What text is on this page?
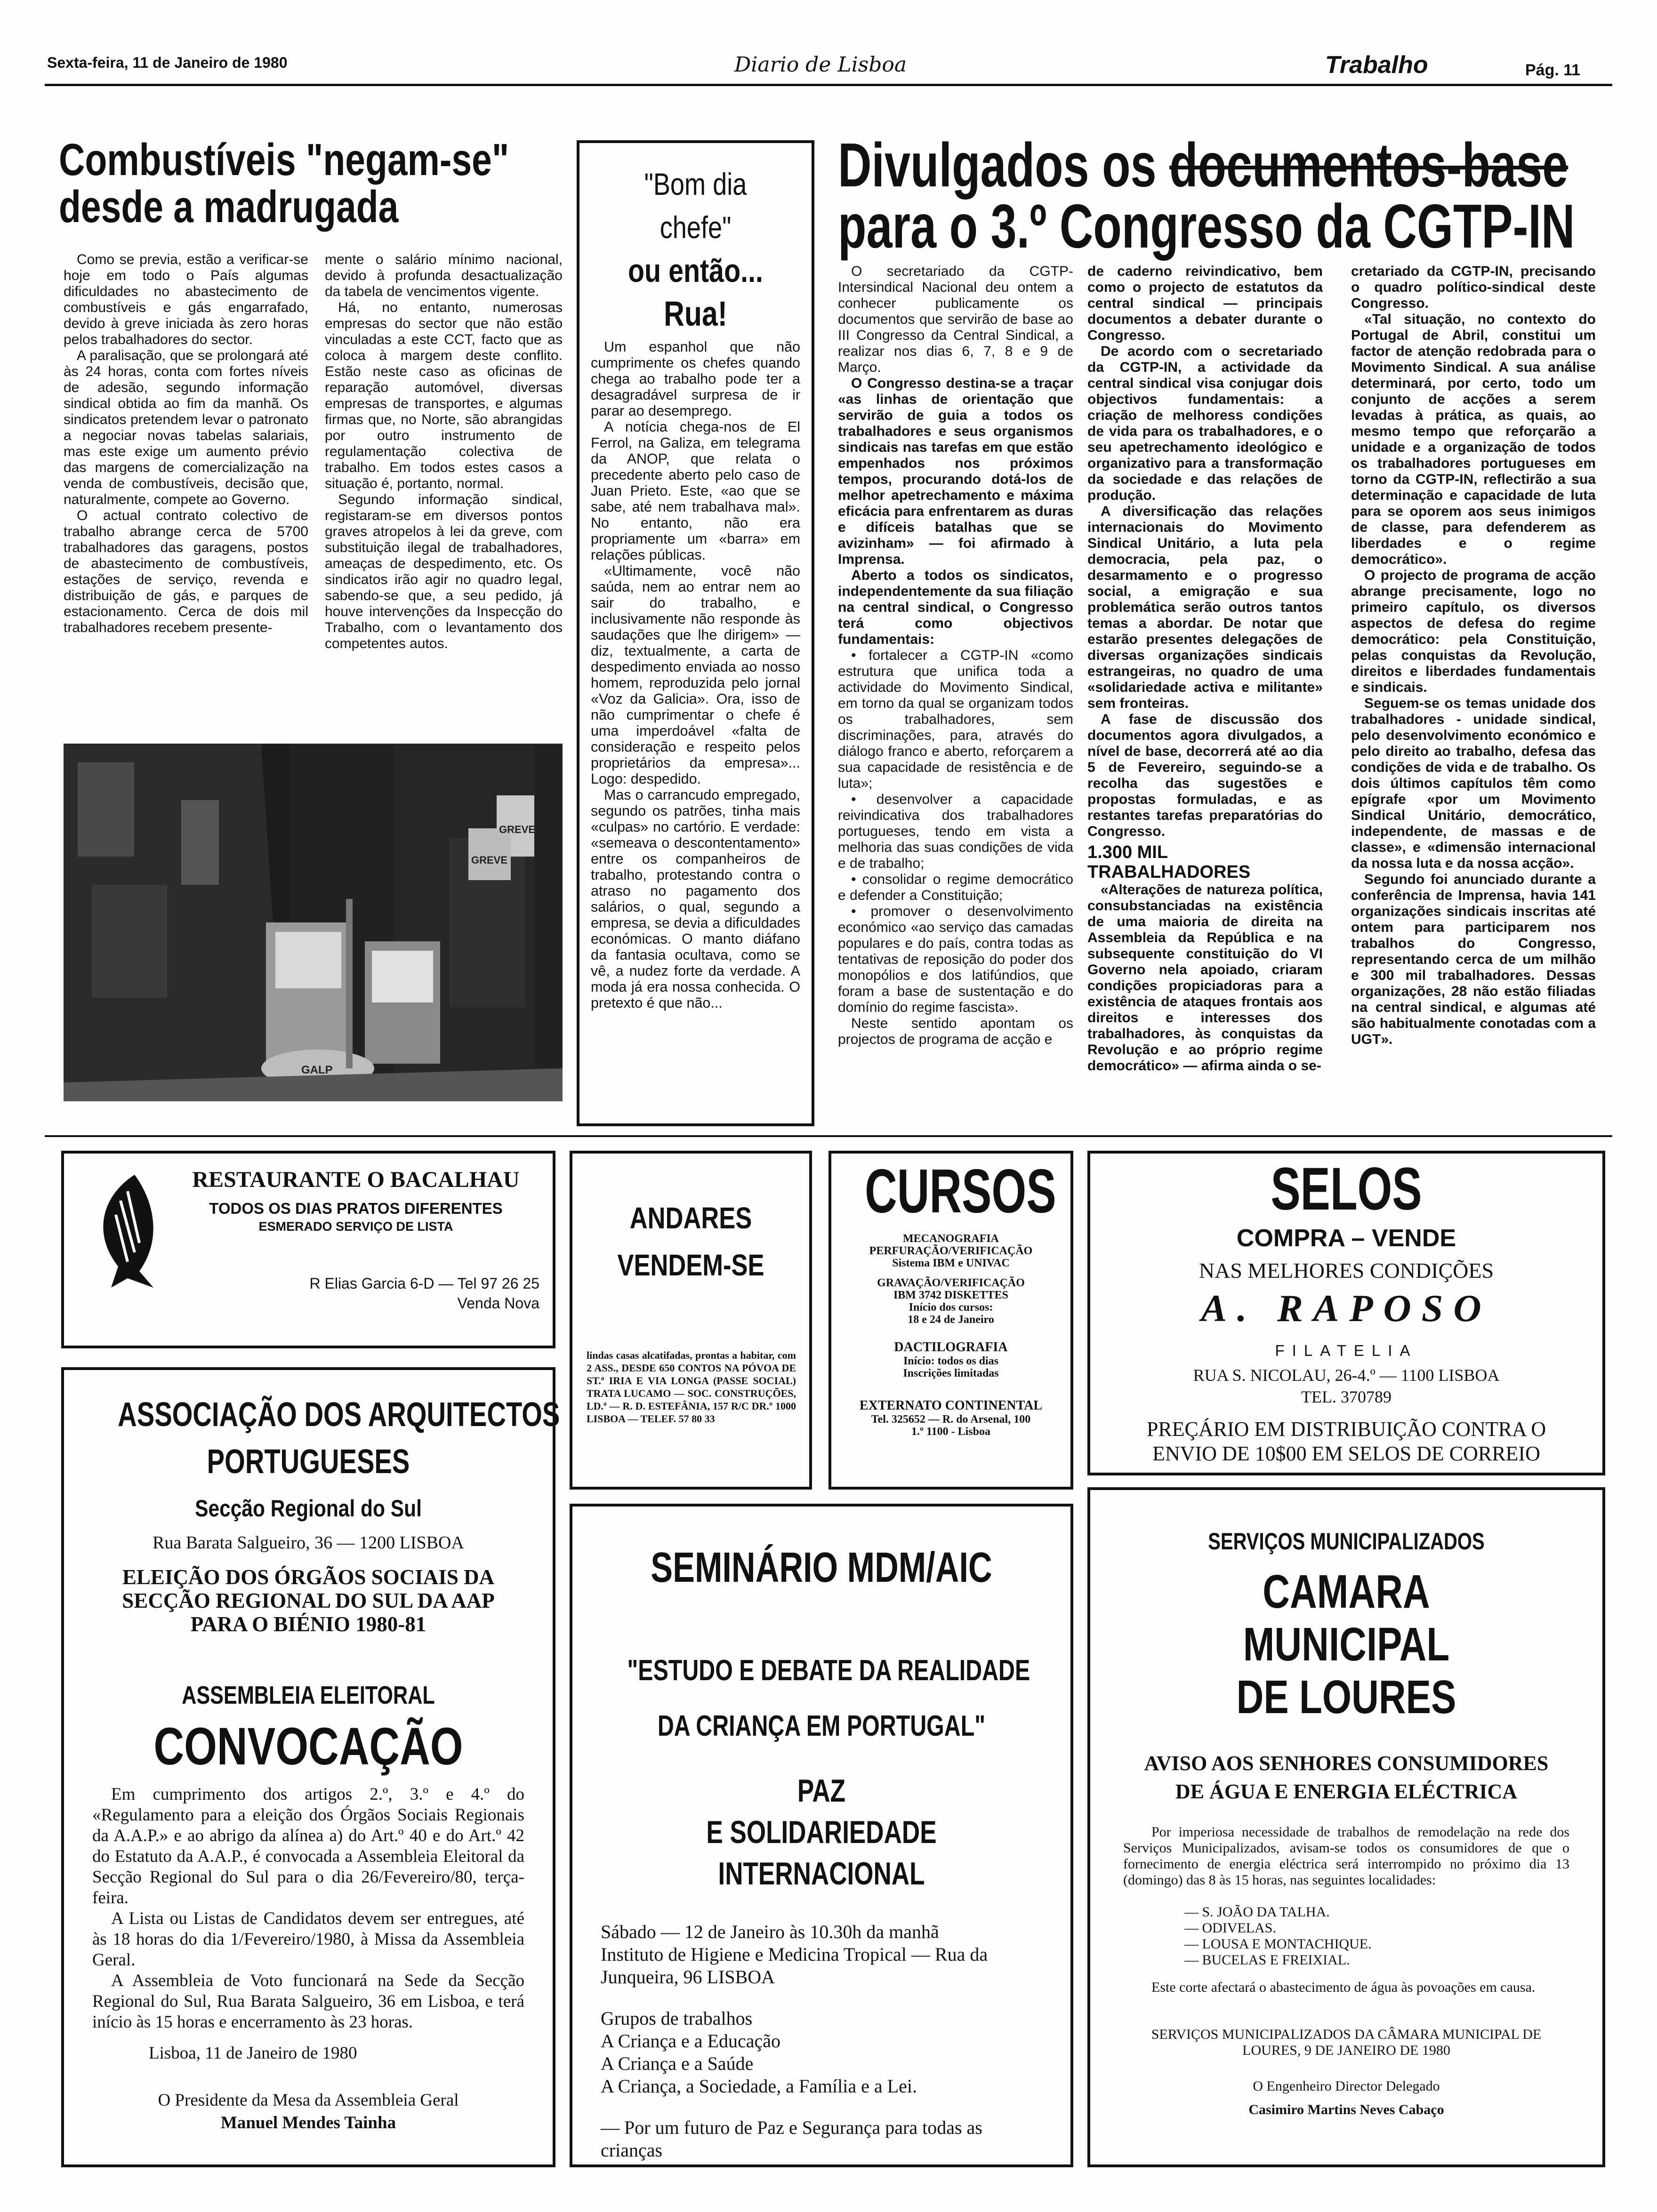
Sexta-feira, 11 de Janeiro de 1980	Diario de Lisboa	Trabalho	Pág. 11
Combustíveis "negam-se" desde a madrugada

Como se previa, estão a verificar-se hoje em todo o País algumas dificuldades no abastecimento de combustíveis e gás engarrafado, devido à greve iniciada às zero horas pelos trabalhadores do sector.

A paralisação, que se prolongará até às 24 horas, conta com fortes níveis de adesão, segundo informação sindical obtida ao fim da manhã. Os sindicatos pretendem levar o patronato a negociar novas tabelas salariais, mas este exige um aumento prévio das margens de comercialização na venda de combustíveis, decisão que, naturalmente, compete ao Governo.

O actual contrato colectivo de trabalho abrange cerca de 5700 trabalhadores das garagens, postos de abastecimento de combustíveis, estações de serviço, revenda e distribuição de gás, e parques de estacionamento. Cerca de dois mil trabalhadores recebem presente-

mente o salário mínimo nacional, devido à profunda desactualização da tabela de vencimentos vigente.

Há, no entanto, numerosas empresas do sector que não estão vinculadas a este CCT, facto que as coloca à margem deste conflito. Estão neste caso as oficinas de reparação automóvel, diversas empresas de transportes, e algumas firmas que, no Norte, são abrangidas por outro instrumento de regulamentação colectiva de trabalho. Em todos estes casos a situação é, portanto, normal.

Segundo informação sindical, registaram-se em diversos pontos graves atropelos à lei da greve, com substituição ilegal de trabalhadores, ameaças de despedimento, etc. Os sindicatos irão agir no quadro legal, sabendo-se que, a seu pedido, já houve intervenções da Inspecção do Trabalho, com o levantamento dos competentes autos.

GREVE
GREVE
GALP
"Bom dia
chefe"
ou então...
Rua!

Um espanhol que não cumprimente os chefes quando chega ao trabalho pode ter a desagradável surpresa de ir parar ao desemprego.

A notícia chega-nos de El Ferrol, na Galiza, em telegrama da ANOP, que relata o precedente aberto pelo caso de Juan Prieto. Este, «ao que se sabe, até nem trabalhava mal». No entanto, não era propriamente um «barra» em relações públicas.

«Ultimamente, você não saúda, nem ao entrar nem ao sair do trabalho, e inclusivamente não responde às saudações que lhe dirigem» — diz, textualmente, a carta de despedimento enviada ao nosso homem, reproduzida pelo jornal «Voz da Galicia». Ora, isso de não cumprimentar o chefe é uma imperdoável «falta de consideração e respeito pelos proprietários da empresa»... Logo: despedido.

Mas o carrancudo empregado, segundo os patrões, tinha mais «culpas» no cartório. E verdade: «semeava o descontentamento» entre os companheiros de trabalho, protestando contra o atraso no pagamento dos salários, o qual, segundo a empresa, se devia a dificuldades económicas. O manto diáfano da fantasia ocultava, como se vê, a nudez forte da verdade. A moda já era nossa conhecida. O pretexto é que não...

Divulgados os documentos-base
para o 3.º Congresso da CGTP-IN

O secretariado da CGTP-Intersindical Nacional deu ontem a conhecer publicamente os documentos que servirão de base ao III Congresso da Central Sindical, a realizar nos dias 6, 7, 8 e 9 de Março.

O Congresso destina-se a traçar «as linhas de orientação que servirão de guia a todos os trabalhadores e seus organismos sindicais nas tarefas em que estão empenhados nos próximos tempos, procurando dotá-los de melhor apetrechamento e máxima eficácia para enfrentarem as duras e difíceis batalhas que se avizinham» — foi afirmado à Imprensa.

Aberto a todos os sindicatos, independentemente da sua filiação na central sindical, o Congresso terá como objectivos fundamentais:

• fortalecer a CGTP-IN «como estrutura que unifica toda a actividade do Movimento Sindical, em torno da qual se organizam todos os trabalhadores, sem discriminações, para, através do diálogo franco e aberto, reforçarem a sua capacidade de resistência e de luta»;

• desenvolver a capacidade reivindicativa dos trabalhadores portugueses, tendo em vista a melhoria das suas condições de vida e de trabalho;

• consolidar o regime democrático e defender a Constituição;

• promover o desenvolvimento económico «ao serviço das camadas populares e do país, contra todas as tentativas de reposição do poder dos monopólios e dos latifúndios, que foram a base de sustentação e do domínio do regime fascista».

Neste sentido apontam os projectos de programa de acção e

de caderno reivindicativo, bem como o projecto de estatutos da central sindical — principais documentos a debater durante o Congresso.

De acordo com o secretariado da CGTP-IN, a actividade da central sindical visa conjugar dois objectivos fundamentais: a criação de melhoress condições de vida para os trabalhadores, e o seu apetrechamento ideológico e organizativo para a transformação da sociedade e das relações de produção.

A diversificação das relações internacionais do Movimento Sindical Unitário, a luta pela democracia, pela paz, o desarmamento e o progresso social, a emigração e sua problemática serão outros tantos temas a abordar. De notar que estarão presentes delegações de diversas organizações sindicais estrangeiras, no quadro de uma «solidariedade activa e militante» sem fronteiras.

A fase de discussão dos documentos agora divulgados, a nível de base, decorrerá até ao dia 5 de Fevereiro, seguindo-se a recolha das sugestões e propostas formuladas, e as restantes tarefas preparatórias do Congresso.

1.300 MIL
TRABALHADORES

«Alterações de natureza política, consubstanciadas na existência de uma maioria de direita na Assembleia da República e na subsequente constituição do VI Governo nela apoiado, criaram condições propiciadoras para a existência de ataques frontais aos direitos e interesses dos trabalhadores, às conquistas da Revolução e ao próprio regime democrático» — afirma ainda o se-

cretariado da CGTP-IN, precisando o quadro político-sindical deste Congresso.

«Tal situação, no contexto do Portugal de Abril, constitui um factor de atenção redobrada para o Movimento Sindical. A sua análise determinará, por certo, todo um conjunto de acções a serem levadas à prática, as quais, ao mesmo tempo que reforçarão a unidade e a organização de todos os trabalhadores portugueses em torno da CGTP-IN, reflectirão a sua determinação e capacidade de luta para se oporem aos seus inimigos de classe, para defenderem as liberdades e o regime democrático».

O projecto de programa de acção abrange precisamente, logo no primeiro capítulo, os diversos aspectos de defesa do regime democrático: pela Constituição, pelas conquistas da Revolução, direitos e liberdades fundamentais e sindicais.

Seguem-se os temas unidade dos trabalhadores - unidade sindical, pelo desenvolvimento económico e pelo direito ao trabalho, defesa das condições de vida e de trabalho. Os dois últimos capítulos têm como epígrafe «por um Movimento Sindical Unitário, democrático, independente, de massas e de classe», e «dimensão internacional da nossa luta e da nossa acção».

Segundo foi anunciado durante a conferência de Imprensa, havia 141 organizações sindicais inscritas até ontem para participarem nos trabalhos do Congresso, representando cerca de um milhão e 300 mil trabalhadores. Dessas organizações, 28 não estão filiadas na central sindical, e algumas até são habitualmente conotadas com a UGT».

RESTAURANTE O BACALHAU
TODOS OS DIAS PRATOS DIFERENTES
ESMERADO SERVIÇO DE LISTA
R Elias Garcia 6-D — Tel 97 26 25
Venda Nova
ANDARES
VENDEM-SE
lindas casas alcatifadas, prontas a habitar, com 2 ASS., DESDE 650 CONTOS NA PÓVOA DE ST.ª IRIA E VIA LONGA (PASSE SOCIAL) TRATA LUCAMO — SOC. CONSTRUÇÕES, LD.ª — R. D. ESTEFÂNIA, 157 R/C DR.º 1000 LISBOA — TELEF. 57 80 33
CURSOS
MECANOGRAFIA
PERFURAÇÃO/VERIFICAÇÃO
Sistema IBM e UNIVAC
GRAVAÇÃO/VERIFICAÇÃO
IBM 3742 DISKETTES
Início dos cursos:
18 e 24 de Janeiro
DACTILOGRAFIA
Início: todos os dias
Inscrições limitadas
EXTERNATO CONTINENTAL
Tel. 325652 — R. do Arsenal, 100
1.º 1100 - Lisboa
SELOS
COMPRA – VENDE
NAS MELHORES CONDIÇÕES
A. RAPOSO
FILATELIA
RUA S. NICOLAU, 26-4.º — 1100 LISBOA
TEL. 370789
PREÇÁRIO EM DISTRIBUIÇÃO CONTRA O ENVIO DE 10$00 EM SELOS DE CORREIO
ASSOCIAÇÃO DOS ARQUITECTOS
PORTUGUESES
Secção Regional do Sul
Rua Barata Salgueiro, 36 — 1200 LISBOA
ELEIÇÃO DOS ÓRGÃOS SOCIAIS DA SECÇÃO REGIONAL DO SUL DA AAP PARA O BIÉNIO 1980-81
ASSEMBLEIA ELEITORAL
CONVOCAÇÃO

Em cumprimento dos artigos 2.º, 3.º e 4.º do «Regulamento para a eleição dos Órgãos Sociais Regionais da A.A.P.» e ao abrigo da alínea a) do Art.º 40 e do Art.º 42 do Estatuto da A.A.P., é convocada a Assembleia Eleitoral da Secção Regional do Sul para o dia 26/Fevereiro/80, terça-feira.

A Lista ou Listas de Candidatos devem ser entregues, até às 18 horas do dia 1/Fevereiro/1980, à Missa da Assembleia Geral.

A Assembleia de Voto funcionará na Sede da Secção Regional do Sul, Rua Barata Salgueiro, 36 em Lisboa, e terá início às 15 horas e encerramento às 23 horas.

Lisboa, 11 de Janeiro de 1980
O Presidente da Mesa da Assembleia Geral
Manuel Mendes Tainha
SEMINÁRIO MDM/AIC
"ESTUDO E DEBATE DA REALIDADE
DA CRIANÇA EM PORTUGAL"
PAZ
E SOLIDARIEDADE
INTERNACIONAL
Sábado — 12 de Janeiro às 10.30h da manhã
Instituto de Higiene e Medicina Tropical — Rua da Junqueira, 96 LISBOA
Grupos de trabalhos
A Criança e a Educação
A Criança e a Saúde
A Criança, a Sociedade, a Família e a Lei.
— Por um futuro de Paz e Segurança para todas as crianças
SERVIÇOS MUNICIPALIZADOS
CAMARA
MUNICIPAL
DE LOURES
AVISO AOS SENHORES CONSUMIDORES
DE ÁGUA E ENERGIA ELÉCTRICA
Por imperiosa necessidade de trabalhos de remodelação na rede dos Serviços Municipalizados, avisam-se todos os consumidores de que o fornecimento de energia eléctrica será interrompido no próximo dia 13 (domingo) das 8 às 15 horas, nas seguintes localidades:
— S. JOÃO DA TALHA.
— ODIVELAS.
— LOUSA E MONTACHIQUE.
— BUCELAS E FREIXIAL.
Este corte afectará o abastecimento de água às povoações em causa.
SERVIÇOS MUNICIPALIZADOS DA CÂMARA MUNICIPAL DE LOURES, 9 DE JANEIRO DE 1980
O Engenheiro Director Delegado
Casimiro Martins Neves Cabaço
